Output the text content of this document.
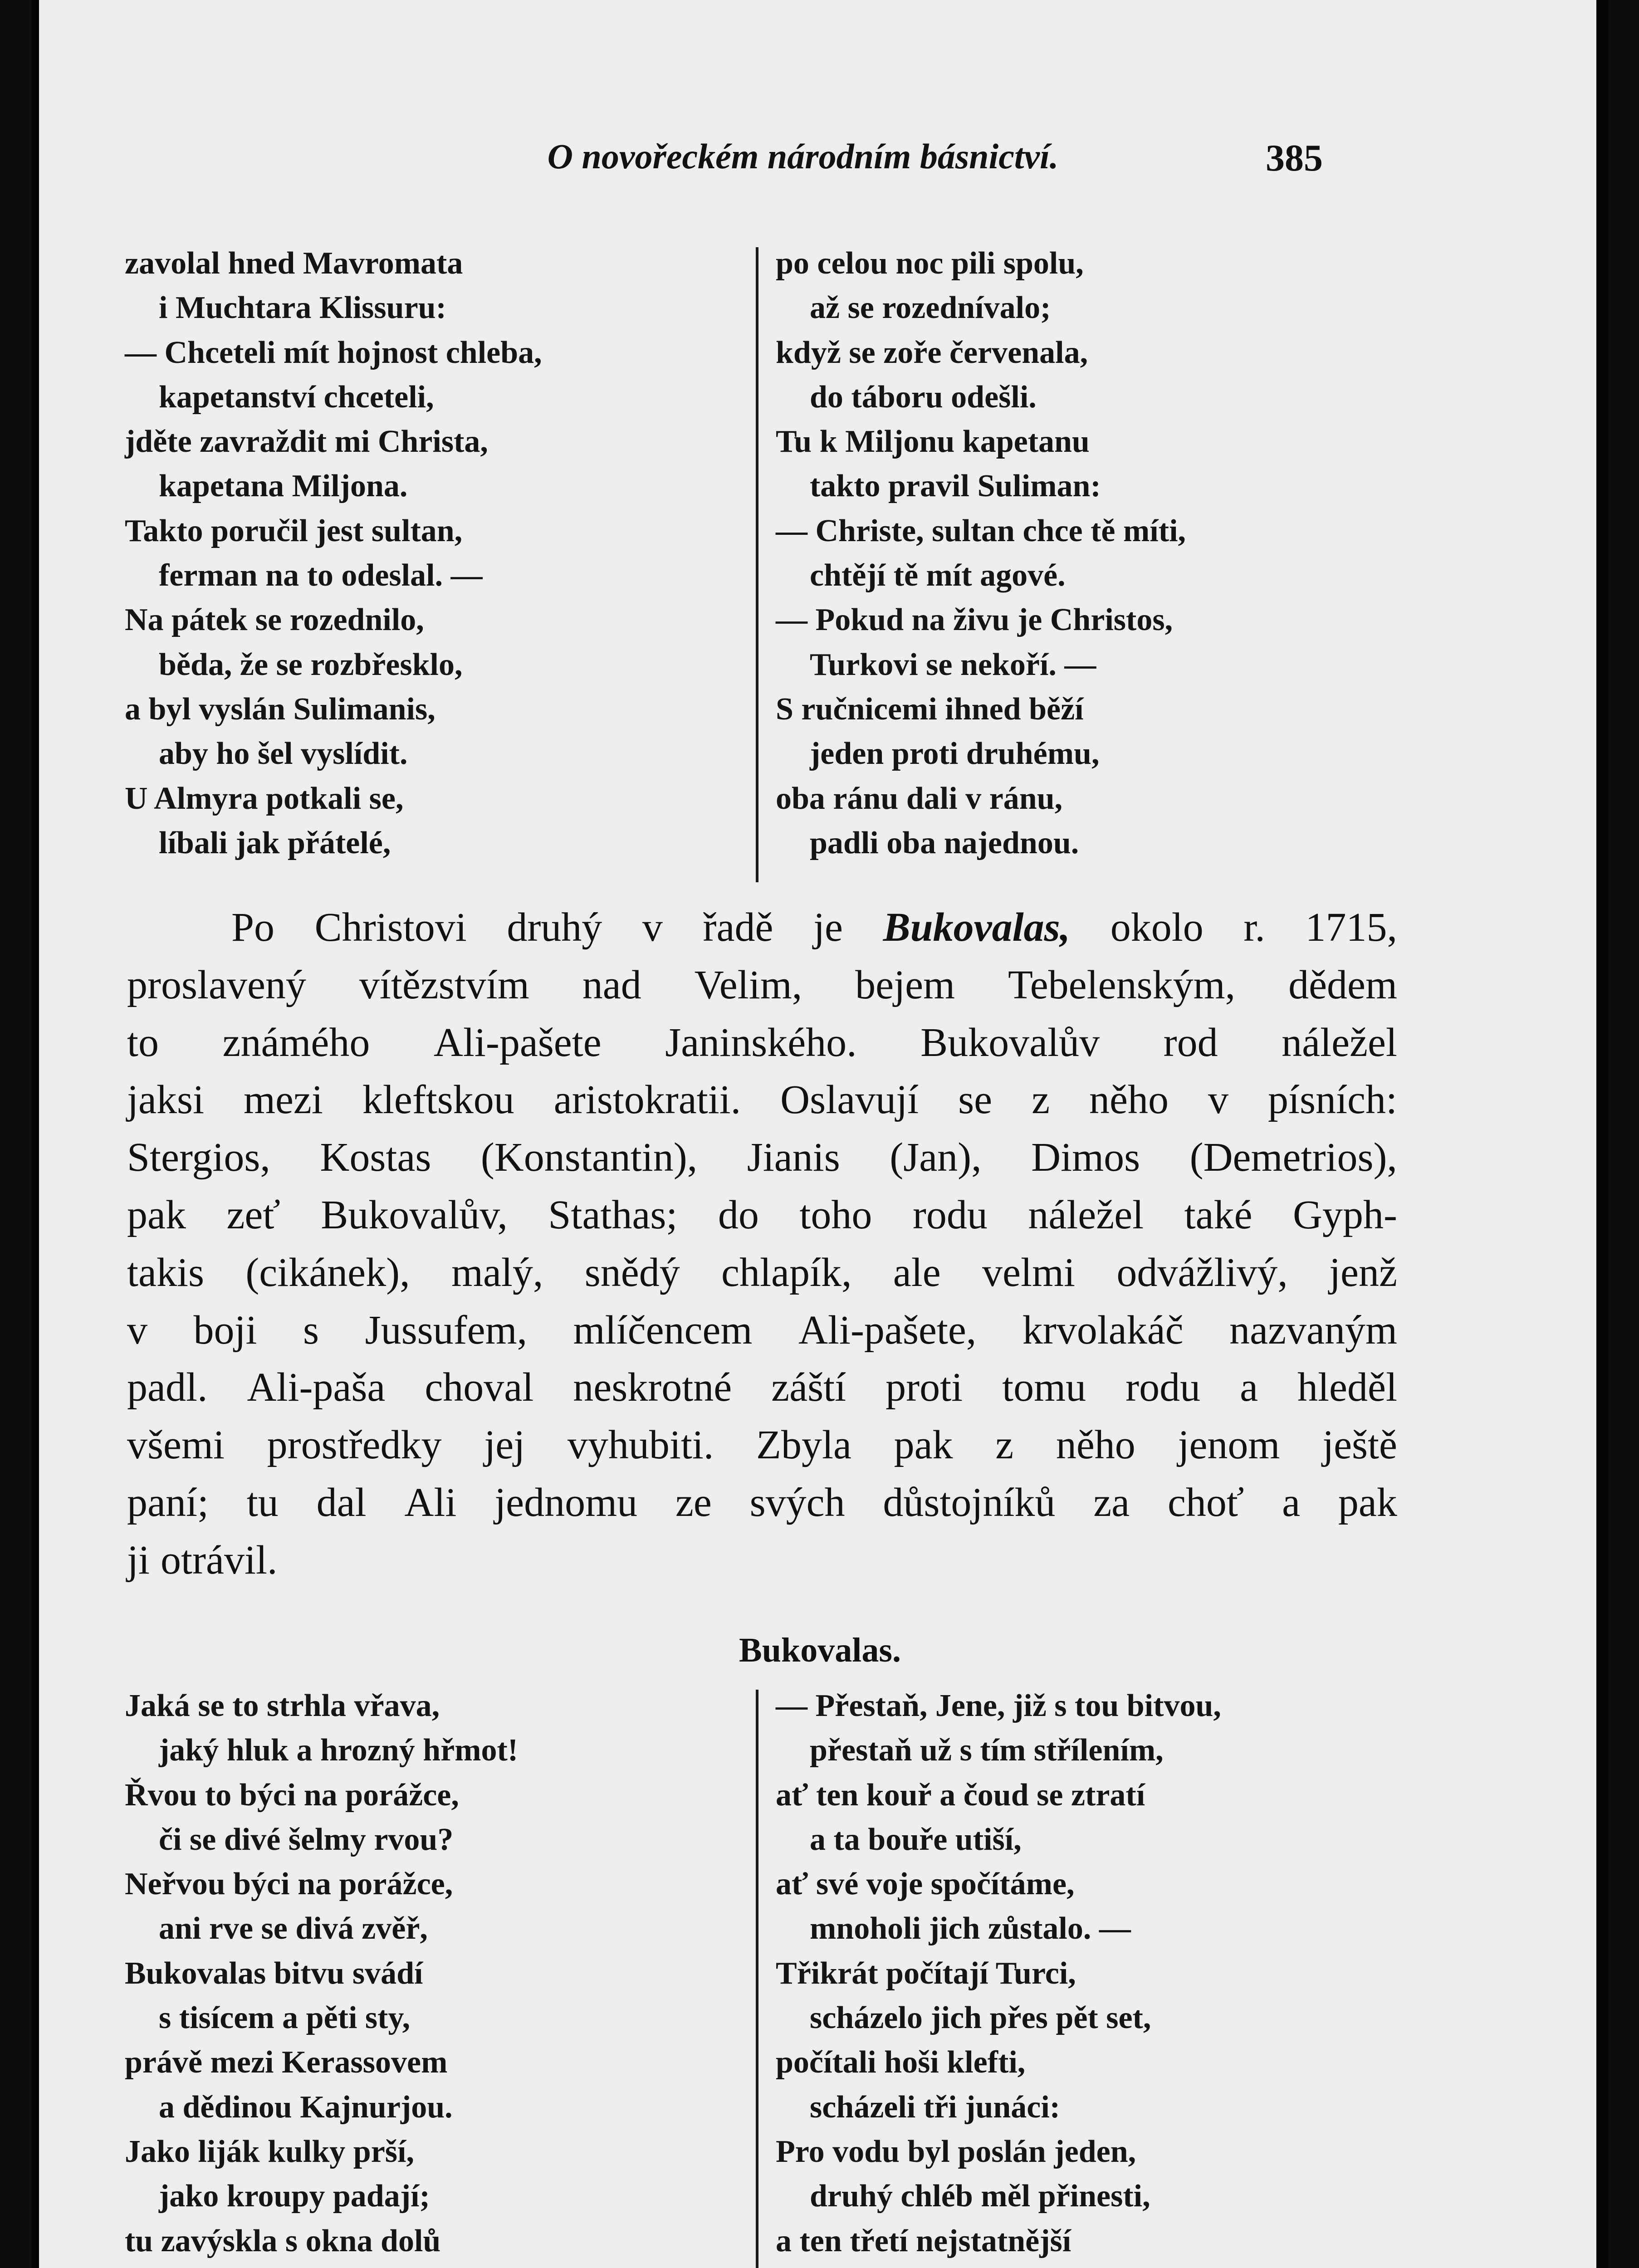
O novořeckém národním básnictví.	385
zavolal hned Mavromata
i Muchtara Klissuru:
— Chceteli mít hojnost chleba,
kapetanství chceteli,
jděte zavraždit mi Christa,
kapetana Miljona.
Takto poručil jest sultan,
ferman na to odeslal. —
Na pátek se rozednilo,
běda, že se rozbřesklo,
a byl vyslán Sulimanis,
aby ho šel vyslídit.
U Almyra potkali se,
líbali jak přátelé,
po celou noc pili spolu,
až se rozednívalo;
když se zoře červenala,
do táboru odešli.
Tu k Miljonu kapetanu
takto pravil Suliman:
— Christe, sultan chce tě míti,
chtějí tě mít agové.
— Pokud na živu je Christos,
Turkovi se nekoří. —
S ručnicemi ihned běží
jeden proti druhému,
oba ránu dali v ránu,
padli oba najednou.
Po Christovi druhý v řadě je Bukovalas, okolo r. 1715,
proslavený vítězstvím nad Velim, bejem Tebelenským, dědem
to známého Ali-pašete Janinského. Bukovalův rod náležel
jaksi mezi kleftskou aristokratii. Oslavují se z něho v písních:
Stergios, Kostas (Konstantin), Jianis (Jan), Dimos (Demetrios),
pak zeť Bukovalův, Stathas; do toho rodu náležel také Gyph-
takis (cikánek), malý, snědý chlapík, ale velmi odvážlivý, jenž
v boji s Jussufem, mlíčencem Ali-pašete, krvolakáč nazvaným
padl. Ali-paša choval neskrotné záští proti tomu rodu a hleděl
všemi prostředky jej vyhubiti. Zbyla pak z něho jenom ještě
paní; tu dal Ali jednomu ze svých důstojníků za choť a pak
ji otrávil.
Bukovalas.
Jaká se to strhla vřava,
jaký hluk a hrozný hřmot!
Řvou to býci na porážce,
či se divé šelmy rvou?
Neřvou býci na porážce,
ani rve se divá zvěř,
Bukovalas bitvu svádí
s tisícem a pěti sty,
právě mezi Kerassovem
a dědinou Kajnurjou.
Jako liják kulky prší,
jako kroupy padají;
tu zavýskla s okna dolů
— Přestaň, Jene, již s tou bitvou,
přestaň už s tím střílením,
ať ten kouř a čoud se ztratí
a ta bouře utiší,
ať své voje spočítáme,
mnoholi jich zůstalo. —
Třikrát počítají Turci,
scházelo jich přes pět set,
počítali hoši klefti,
scházeli tři junáci:
Pro vodu byl poslán jeden,
druhý chléb měl přinesti,
a ten třetí nejstatnější
